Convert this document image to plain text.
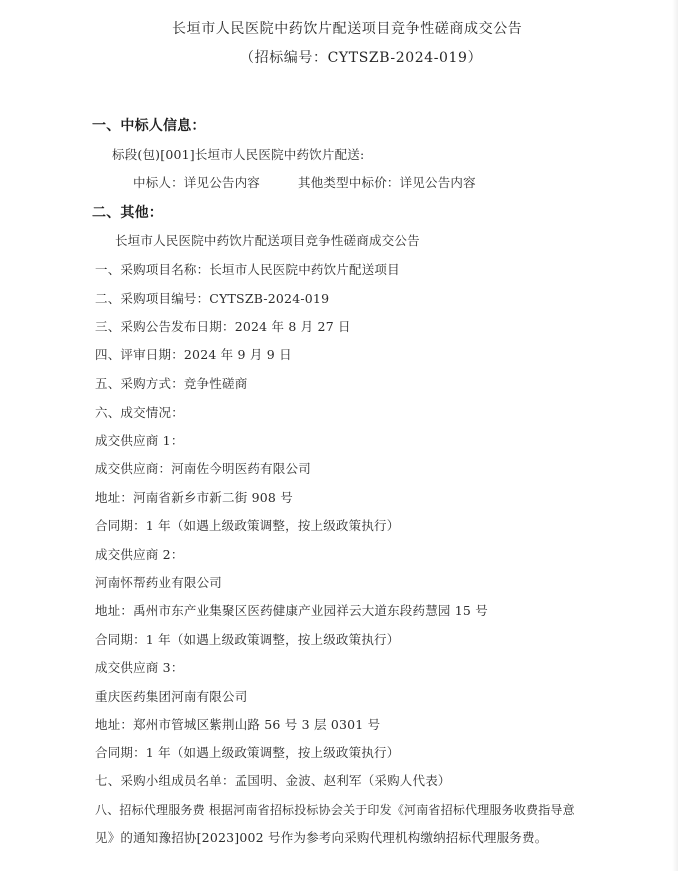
长垣市人民医院中药饮片配送项目竞争性磋商成交公告
（招标编号：CYTSZB-2024-019）
一、中标人信息：
标段(包)[001]长垣市人民医院中药饮片配送:
中标人：详见公告内容	其他类型中标价：详见公告内容
二、其他：
长垣市人民医院中药饮片配送项目竞争性磋商成交公告
一、采购项目名称：长垣市人民医院中药饮片配送项目
二、采购项目编号：CYTSZB-2024-019
三、采购公告发布日期：2024 年 8 月 27 日
四、评审日期：2024 年 9 月 9 日
五、采购方式：竞争性磋商
六、成交情况：
成交供应商 1：
成交供应商：河南佐今明医药有限公司
地址：河南省新乡市新二街 908 号
合同期：1 年（如遇上级政策调整，按上级政策执行）
成交供应商 2：
河南怀帮药业有限公司
地址：禹州市东产业集聚区医药健康产业园祥云大道东段药慧园 15 号
合同期：1 年（如遇上级政策调整，按上级政策执行）
成交供应商 3：
重庆医药集团河南有限公司
地址：郑州市管城区紫荆山路 56 号 3 层 0301 号
合同期：1 年（如遇上级政策调整，按上级政策执行）
七、采购小组成员名单：孟国明、金波、赵利军（采购人代表）
八、招标代理服务费 根据河南省招标投标协会关于印发《河南省招标代理服务收费指导意
见》的通知豫招协[2023]002 号作为参考向采购代理机构缴纳招标代理服务费。
